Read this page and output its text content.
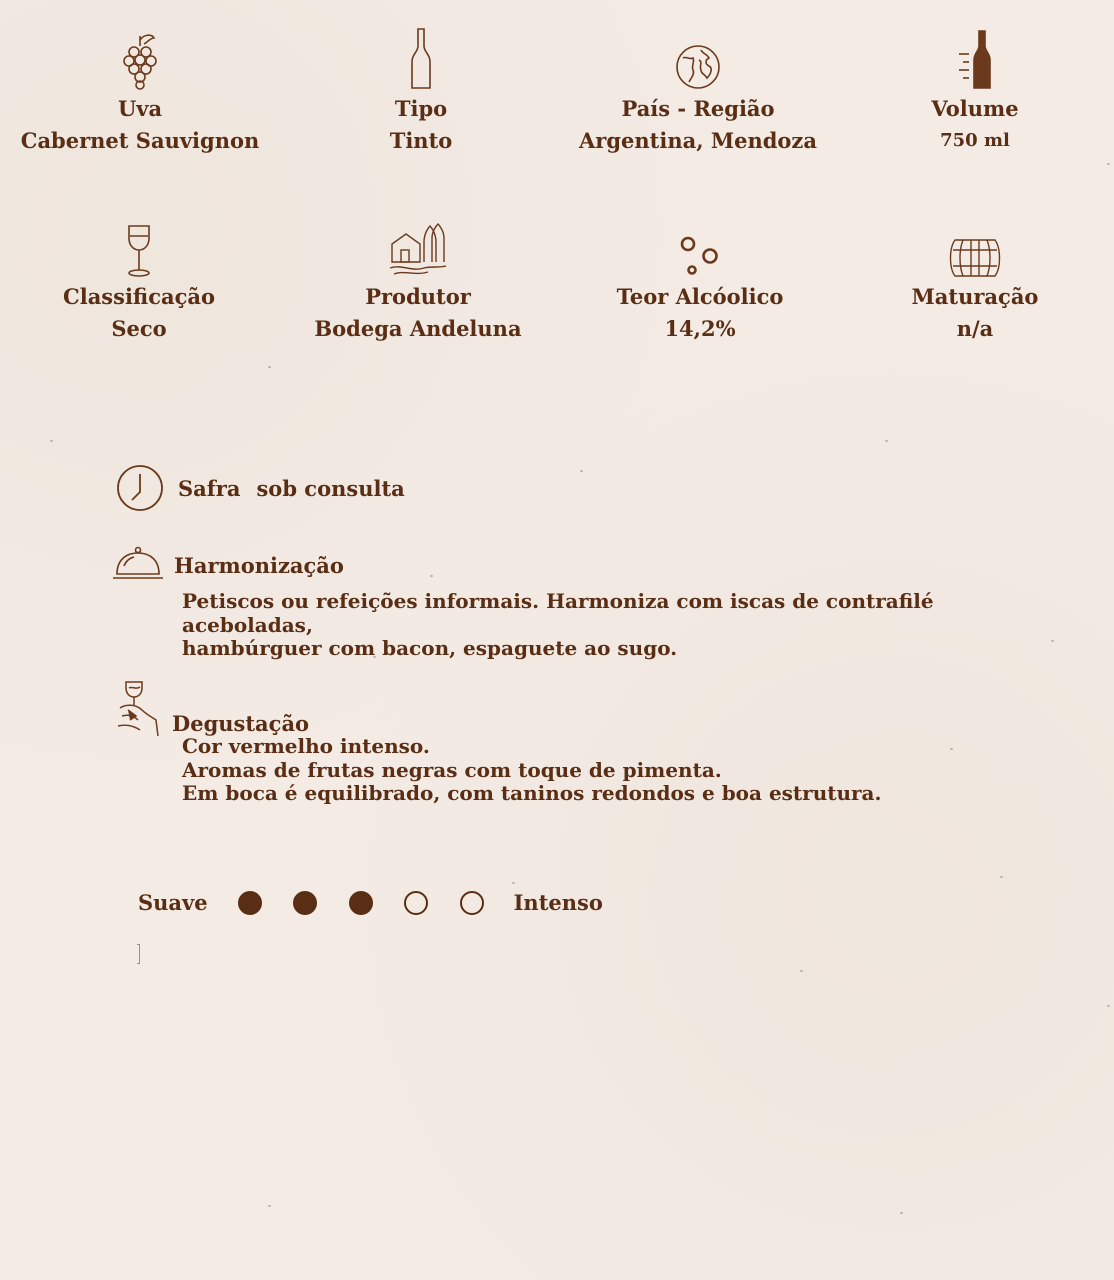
Uva
Cabernet Sauvignon
Tipo
Tinto
País - Região
Argentina, Mendoza
Volume
750 ml
Classificação
Seco
Produtor
Bodega Andeluna
Teor Alcóolico
14,2%
Maturação
n/a
Safra sob consulta
Harmonização
Petiscos ou refeições informais. Harmoniza com iscas de contrafilé aceboladas,
hambúrguer com bacon, espaguete ao sugo.
Degustação
Cor vermelho intenso.
Aromas de frutas negras com toque de pimenta.
Em boca é equilibrado, com taninos redondos e boa estrutura.
Suave	Intenso
